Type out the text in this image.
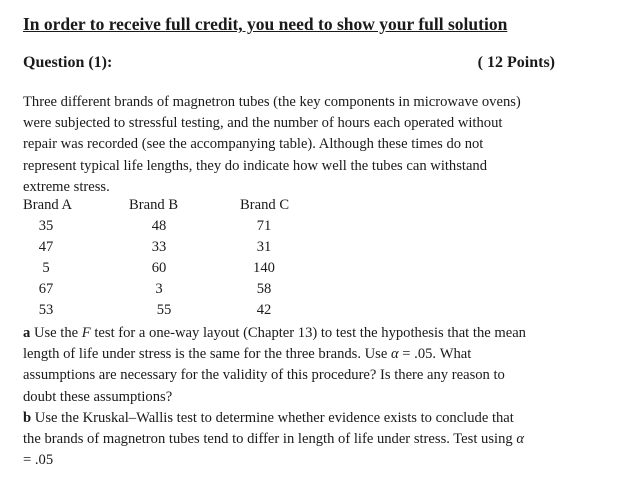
In order to receive full credit, you need to show your full solution
Question (1):	( 12 Points)
Three different brands of magnetron tubes (the key components in microwave ovens)
were subjected to stressful testing, and the number of hours each operated without
repair was recorded (see the accompanying table). Although these times do not
represent typical life lengths, they do indicate how well the tubes can withstand
extreme stress.
Brand A	Brand B	Brand C
35	48	71
47	33	31
5	60	140
67	3	58
53	55	42
a Use the F test for a one-way layout (Chapter 13) to test the hypothesis that the mean
length of life under stress is the same for the three brands. Use α = .05. What
assumptions are necessary for the validity of this procedure? Is there any reason to
doubt these assumptions?
b Use the Kruskal–Wallis test to determine whether evidence exists to conclude that
the brands of magnetron tubes tend to differ in length of life under stress. Test using α
= .05
